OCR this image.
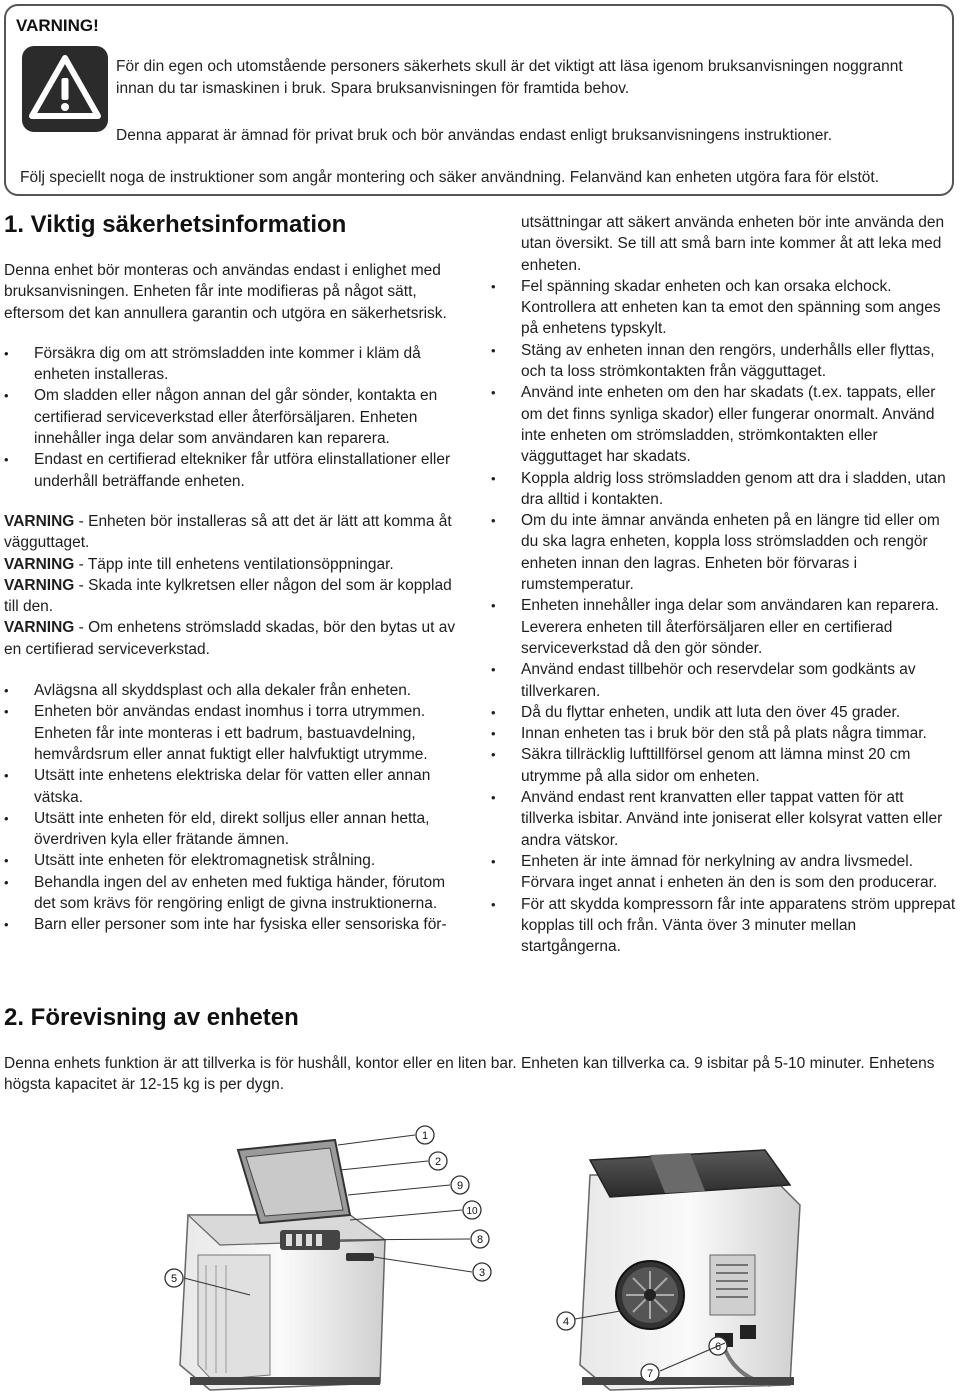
VARNING!
För din egen och utomstående personers säkerhets skull är det viktigt att läsa igenom bruksanvisningen noggrannt innan du tar ismaskinen i bruk. Spara bruksanvisningen för framtida behov.
Denna apparat är ämnad för privat bruk och bör användas endast enligt bruksanvisningens instruktioner.
Följ speciellt noga de instruktioner som angår montering och säker användning. Felanvänd kan enheten utgöra fara för elstöt.
1. Viktig säkerhetsinformation

Denna enhet bör monteras och användas endast i enlighet med bruksanvisningen. Enheten får inte modifieras på något sätt, eftersom det kan annullera garantin och utgöra en säkerhetsrisk.

• Försäkra dig om att strömsladden inte kommer i kläm då enheten installeras.
• Om sladden eller någon annan del går sönder, kontakta en certifierad serviceverkstad eller återförsäljaren. Enheten innehåller inga delar som användaren kan reparera.
• Endast en certifierad eltekniker får utföra elinstallationer eller underhåll beträffande enheten.

VARNING - Enheten bör installeras så att det är lätt att komma åt vägguttaget.

VARNING - Täpp inte till enhetens ventilationsöppningar.

VARNING - Skada inte kylkretsen eller någon del som är kopplad till den.

VARNING - Om enhetens strömsladd skadas, bör den bytas ut av en certifierad serviceverkstad.

• Avlägsna all skyddsplast och alla dekaler från enheten.
• Enheten bör användas endast inomhus i torra utrymmen.
Enheten får inte monteras i ett badrum, bastuavdelning, hemvårdsrum eller annat fuktigt eller halvfuktigt utrymme.
• Utsätt inte enhetens elektriska delar för vatten eller annan vätska.
• Utsätt inte enheten för eld, direkt solljus eller annan hetta, överdriven kyla eller frätande ämnen.
• Utsätt inte enheten för elektromagnetisk strålning.
• Behandla ingen del av enheten med fuktiga händer, förutom det som krävs för rengöring enligt de givna instruktionerna.
• Barn eller personer som inte har fysiska eller sensoriska för-
utsättningar att säkert använda enheten bör inte använda den utan översikt. Se till att små barn inte kommer åt att leka med enheten.
• Fel spänning skadar enheten och kan orsaka elchock. Kontrollera att enheten kan ta emot den spänning som anges på enhetens typskylt.
• Stäng av enheten innan den rengörs, underhålls eller flyttas, och ta loss strömkontakten från vägguttaget.
• Använd inte enheten om den har skadats (t.ex. tappats, eller om det finns synliga skador) eller fungerar onormalt. Använd inte enheten om strömsladden, strömkontakten eller vägguttaget har skadats.
• Koppla aldrig loss strömsladden genom att dra i sladden, utan dra alltid i kontakten.
• Om du inte ämnar använda enheten på en längre tid eller om du ska lagra enheten, koppla loss strömsladden och rengör enheten innan den lagras. Enheten bör förvaras i rumstemperatur.
• Enheten innehåller inga delar som användaren kan reparera. Leverera enheten till återförsäljaren eller en certifierad serviceverkstad då den gör sönder.
• Använd endast tillbehör och reservdelar som godkänts av tillverkaren.
• Då du flyttar enheten, undik att luta den över 45 grader.
• Innan enheten tas i bruk bör den stå på plats några timmar.
• Säkra tillräcklig lufttillförsel genom att lämna minst 20 cm utrymme på alla sidor om enheten.
• Använd endast rent kranvatten eller tappat vatten för att tillverka isbitar. Använd inte joniserat eller kolsyrat vatten eller andra vätskor.
• Enheten är inte ämnad för nerkylning av andra livsmedel. Förvara inget annat i enheten än den is som den producerar.
• För att skydda kompressorn får inte apparatens ström upprepat kopplas till och från. Vänta över 3 minuter mellan startgångerna.
2. Förevisning av enheten
Denna enhets funktion är att tillverka is för hushåll, kontor eller en liten bar. Enheten kan tillverka ca. 9 isbitar på 5-10 minuter. Enhetens högsta kapacitet är 12-15 kg is per dygn.
1
2
9
10
8
3
5
4
6
7
